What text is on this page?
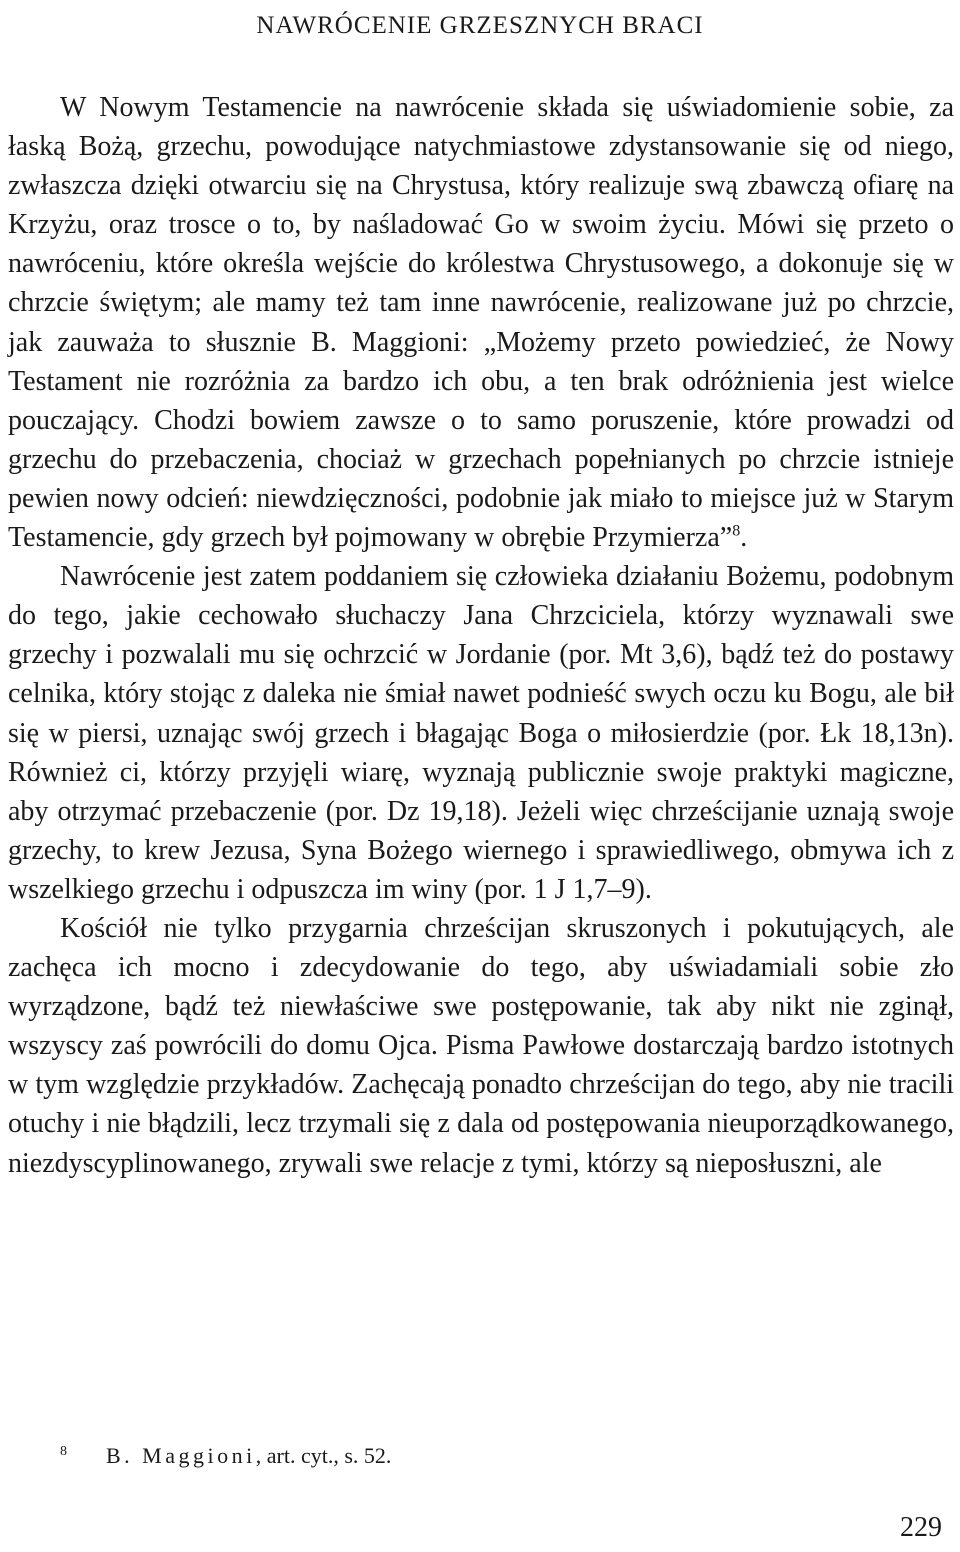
NAWRÓCENIE GRZESZNYCH BRACI

W Nowym Testamencie na nawrócenie składa się uświadomienie sobie, za łaską Bożą, grzechu, powodujące natychmiastowe zdystansowanie się od niego, zwłaszcza dzięki otwarciu się na Chrystusa, który realizuje swą zbawczą ofiarę na Krzyżu, oraz trosce o to, by naśladować Go w swoim życiu. Mówi się przeto o nawróceniu, które określa wejście do królestwa Chrystusowego, a dokonuje się w chrzcie świętym; ale mamy też tam inne nawrócenie, realizowane już po chrzcie, jak zauważa to słusznie B. Maggioni: „Możemy przeto powiedzieć, że Nowy Testament nie rozróżnia za bardzo ich obu, a ten brak odróżnienia jest wielce pouczający. Chodzi bowiem zawsze o to samo poruszenie, które prowadzi od grzechu do przebaczenia, chociaż w grzechach popełnianych po chrzcie istnieje pewien nowy odcień: niewdzięczności, podobnie jak miało to miejsce już w Starym Testamencie, gdy grzech był pojmowany w obrębie Przymierza”$^8$.

Nawrócenie jest zatem poddaniem się człowieka działaniu Bożemu, podobnym do tego, jakie cechowało słuchaczy Jana Chrzciciela, którzy wyznawali swe grzechy i pozwalali mu się ochrzcić w Jordanie (por. Mt 3,6), bądź też do postawy celnika, który stojąc z daleka nie śmiał nawet podnieść swych oczu ku Bogu, ale bił się w piersi, uznając swój grzech i błagając Boga o miłosierdzie (por. Łk 18,13n). Również ci, którzy przyjęli wiarę, wyznają publicznie swoje praktyki magiczne, aby otrzymać przebaczenie (por. Dz 19,18). Jeżeli więc chrześcijanie uznają swoje grzechy, to krew Jezusa, Syna Bożego wiernego i sprawiedliwego, obmywa ich z wszelkiego grzechu i odpuszcza im winy (por. 1 J 1,7–9).

Kościół nie tylko przygarnia chrześcijan skruszonych i pokutujących, ale zachęca ich mocno i zdecydowanie do tego, aby uświadamiali sobie zło wyrządzone, bądź też niewłaściwe swe postępowanie, tak aby nikt nie zginął, wszyscy zaś powrócili do domu Ojca. Pisma Pawłowe dostarczają bardzo istotnych w tym względzie przykładów. Zachęcają ponadto chrześcijan do tego, aby nie tracili otuchy i nie błądzili, lecz trzymali się z dala od postępowania nieuporządkowanego, niezdyscyplinowanego, zrywali swe relacje z tymi, którzy są nieposłuszni, ale

8 B. Maggioni, art. cyt., s. 52.
229
